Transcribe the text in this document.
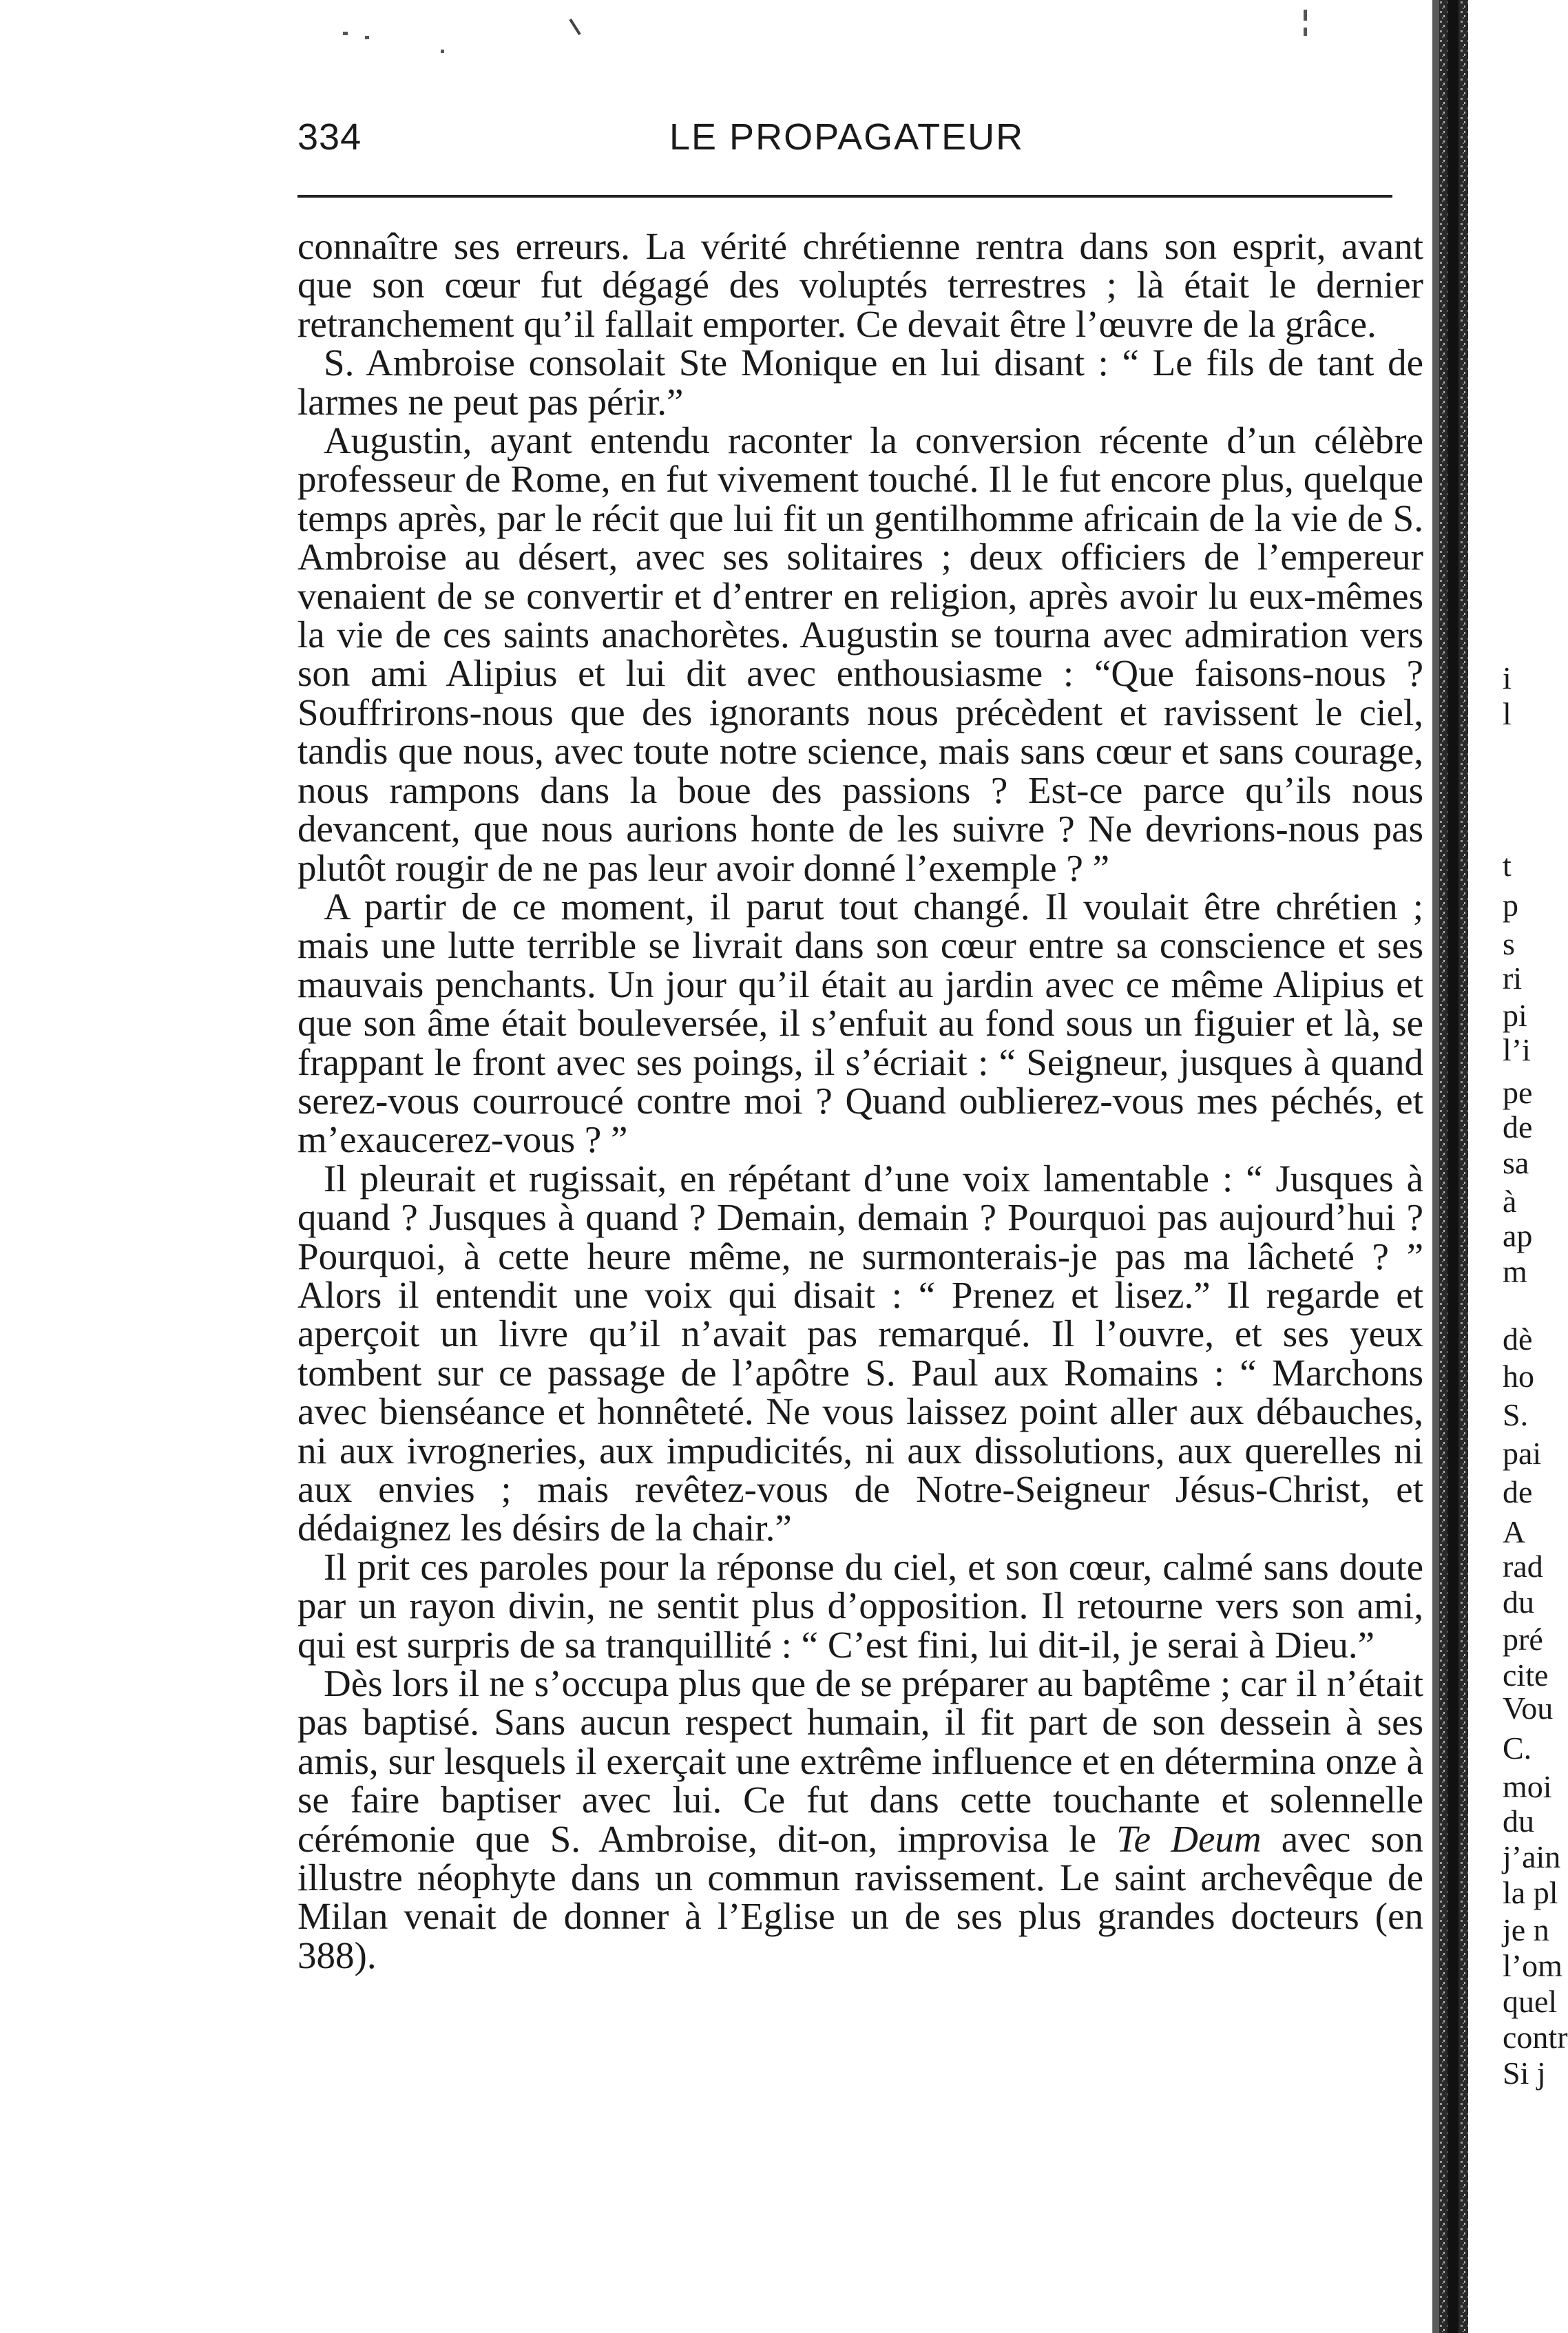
334	LE PROPAGATEUR

connaître ses erreurs. La vérité chrétienne rentra dans son esprit, avant que son cœur fut dégagé des voluptés terrestres ; là était le dernier retranchement qu’il fallait emporter. Ce devait être l’œuvre de la grâce.

S. Ambroise consolait Ste Monique en lui disant : “ Le fils de tant de larmes ne peut pas périr.”

Augustin, ayant entendu raconter la conversion récente d’un célèbre professeur de Rome, en fut vivement touché. Il le fut encore plus, quelque temps après, par le récit que lui fit un gentilhomme africain de la vie de S. Ambroise au désert, avec ses solitaires ; deux officiers de l’empereur venaient de se convertir et d’entrer en religion, après avoir lu eux-mêmes la vie de ces saints anachorètes. Augustin se tourna avec admiration vers son ami Alipius et lui dit avec enthousiasme : “Que faisons-nous ? Souffrirons-nous que des ignorants nous précèdent et ravissent le ciel, tandis que nous, avec toute notre science, mais sans cœur et sans courage, nous rampons dans la boue des passions ? Est-ce parce qu’ils nous devancent, que nous aurions honte de les suivre ? Ne devrions-nous pas plutôt rougir de ne pas leur avoir donné l’exemple ? ”

A partir de ce moment, il parut tout changé. Il voulait être chrétien ; mais une lutte terrible se livrait dans son cœur entre sa conscience et ses mauvais penchants. Un jour qu’il était au jardin avec ce même Alipius et que son âme était bouleversée, il s’enfuit au fond sous un figuier et là, se frappant le front avec ses poings, il s’écriait : “ Seigneur, jusques à quand serez-vous courroucé contre moi ? Quand oublierez-vous mes péchés, et m’exaucerez-vous ? ”

Il pleurait et rugissait, en répétant d’une voix lamentable : “ Jusques à quand ? Jusques à quand ? Demain, demain ? Pourquoi pas aujourd’hui ? Pourquoi, à cette heure même, ne surmonterais-je pas ma lâcheté ? ” Alors il entendit une voix qui disait : “ Prenez et lisez.” Il regarde et aperçoit un livre qu’il n’avait pas remarqué. Il l’ouvre, et ses yeux tombent sur ce passage de l’apôtre S. Paul aux Romains : “ Marchons avec bienséance et honnêteté. Ne vous laissez point aller aux débauches, ni aux ivrogneries, aux impudicités, ni aux dissolutions, aux querelles ni aux envies ; mais revêtez-vous de Notre-Seigneur Jésus-Christ, et dédaignez les désirs de la chair.”

Il prit ces paroles pour la réponse du ciel, et son cœur, calmé sans doute par un rayon divin, ne sentit plus d’opposition. Il retourne vers son ami, qui est surpris de sa tranquillité : “ C’est fini, lui dit-il, je serai à Dieu.”

Dès lors il ne s’occupa plus que de se préparer au baptême ; car il n’était pas baptisé. Sans aucun respect humain, il fit part de son dessein à ses amis, sur lesquels il exerçait une extrême influence et en détermina onze à se faire baptiser avec lui. Ce fut dans cette touchante et solennelle cérémonie que S. Ambroise, dit-on, improvisa le Te Deum avec son illustre néophyte dans un commun ravissement. Le saint archevêque de Milan venait de donner à l’Eglise un de ses plus grandes docteurs (en 388).

i
l
t
p
s
ri
pi
l’i
pe
de
sa
à
ap
m
dè
ho
S.
pai
de
A
rad
du
pré
cite
Vou
C.
moi
du
j’ain
la pl
je n
l’om
quel
contr
Si j
